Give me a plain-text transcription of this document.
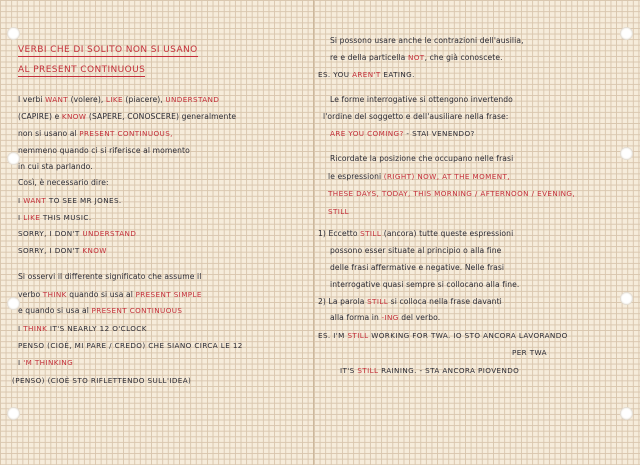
VERBI CHE DI SOLITO NON SI USANO
AL PRESENT CONTINUOUS
I verbi WANT (volere), LIKE (piacere), UNDERSTAND
(CAPIRE) e KNOW (SAPERE, CONOSCERE) generalmente
non si usano al PRESENT CONTINUOUS,
nemmeno quando ci si riferisce al momento
in cui sta parlando.
Così, è necessario dire:
I WANT TO SEE MR JONES.
I LIKE THIS MUSIC.
SORRY, I DON'T UNDERSTAND
SORRY, I DON'T KNOW
Si osservi il differente significato che assume il
verbo THINK quando si usa al PRESENT SIMPLE
e quando si usa al PRESENT CONTINUOUS
I THINK IT'S NEARLY 12 O'CLOCK
PENSO (CIOÈ, MI PARE / CREDO) CHE SIANO CIRCA LE 12
I 'M THINKING
(PENSO) (CIOÈ STO RIFLETTENDO SULL'IDEA)
Si possono usare anche le contrazioni dell'ausilia,
re e della particella NOT, che già conoscete.
ES. YOU AREN'T EATING.
Le forme interrogative si ottengono invertendo
l'ordine del soggetto e dell'ausiliare nella frase:
ARE YOU COMING? - STAI VENENDO?
Ricordate la posizione che occupano nelle frasi
le espressioni (RIGHT) NOW, AT THE MOMENT,
THESE DAYS, TODAY, THIS MORNING / AFTERNOON / EVENING,
STILL
1) Eccetto STILL (ancora) tutte queste espressioni
possono esser situate al principio o alla fine
delle frasi affermative e negative. Nelle frasi
interrogative quasi sempre si collocano alla fine.
2) La parola STILL si colloca nella frase davanti
alla forma in -ING del verbo.
ES. I'M STILL WORKING FOR TWA. IO STO ANCORA LAVORANDO
PER TWA
IT'S STILL RAINING. - STA ANCORA PIOVENDO
